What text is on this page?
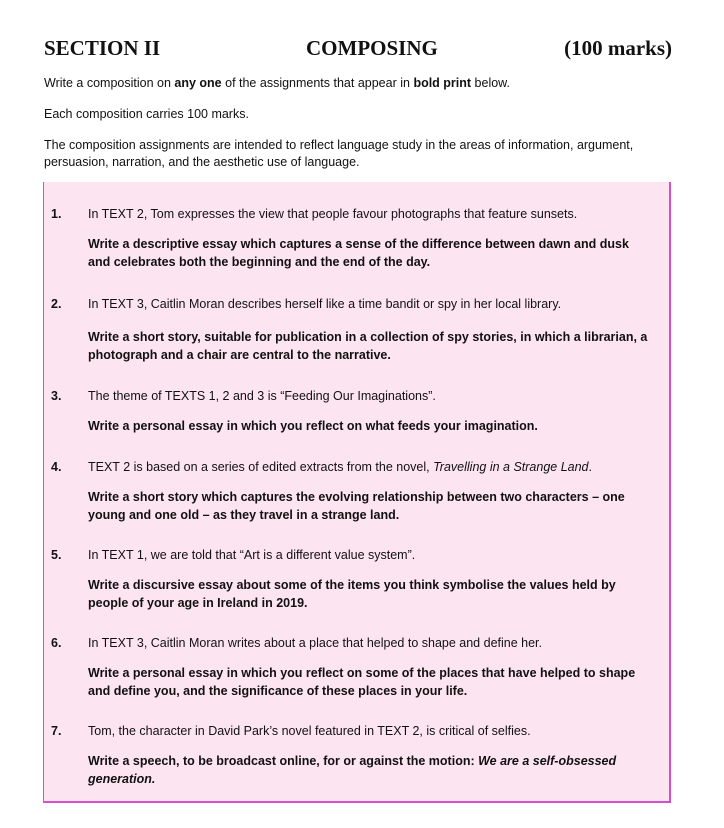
SECTION II	COMPOSING	(100 marks)
Write a composition on any one of the assignments that appear in bold print below.
Each composition carries 100 marks.
The composition assignments are intended to reflect language study in the areas of information, argument, persuasion, narration, and the aesthetic use of language.
1. In TEXT 2, Tom expresses the view that people favour photographs that feature sunsets.
Write a descriptive essay which captures a sense of the difference between dawn and dusk and celebrates both the beginning and the end of the day.
2. In TEXT 3, Caitlin Moran describes herself like a time bandit or spy in her local library.
Write a short story, suitable for publication in a collection of spy stories, in which a librarian, a photograph and a chair are central to the narrative.
3. The theme of TEXTS 1, 2 and 3 is “Feeding Our Imaginations”.
Write a personal essay in which you reflect on what feeds your imagination.
4. TEXT 2 is based on a series of edited extracts from the novel, Travelling in a Strange Land.
Write a short story which captures the evolving relationship between two characters – one young and one old – as they travel in a strange land.
5. In TEXT 1, we are told that “Art is a different value system”.
Write a discursive essay about some of the items you think symbolise the values held by people of your age in Ireland in 2019.
6. In TEXT 3, Caitlin Moran writes about a place that helped to shape and define her.
Write a personal essay in which you reflect on some of the places that have helped to shape and define you, and the significance of these places in your life.
7. Tom, the character in David Park’s novel featured in TEXT 2, is critical of selfies.
Write a speech, to be broadcast online, for or against the motion: We are a self-obsessed generation.
